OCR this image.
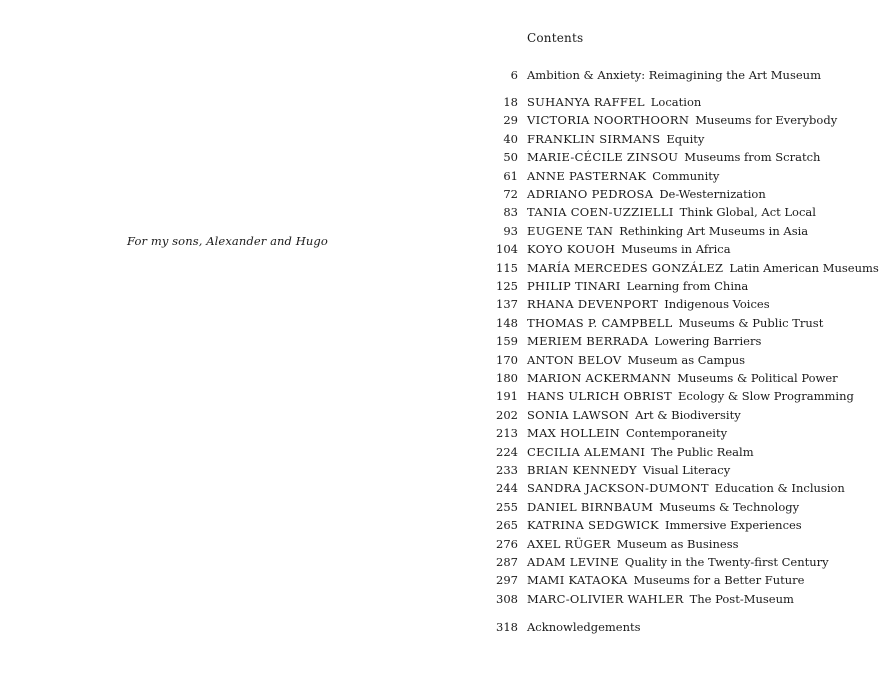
For my sons, Alexander and Hugo
Contents
6 Ambition & Anxiety: Reimagining the Art Museum
18 SUHANYA RAFFEL Location
29 VICTORIA NOORTHOORN Museums for Everybody
40 FRANKLIN SIRMANS Equity
50 MARIE-CÉCILE ZINSOU Museums from Scratch
61 ANNE PASTERNAK Community
72 ADRIANO PEDROSA De-Westernization
83 TANIA COEN-UZZIELLI Think Global, Act Local
93 EUGENE TAN Rethinking Art Museums in Asia
104 KOYO KOUOH Museums in Africa
115 MARÍA MERCEDES GONZÁLEZ Latin American Museums
125 PHILIP TINARI Learning from China
137 RHANA DEVENPORT Indigenous Voices
148 THOMAS P. CAMPBELL Museums & Public Trust
159 MERIEM BERRADA Lowering Barriers
170 ANTON BELOV Museum as Campus
180 MARION ACKERMANN Museums & Political Power
191 HANS ULRICH OBRIST Ecology & Slow Programming
202 SONIA LAWSON Art & Biodiversity
213 MAX HOLLEIN Contemporaneity
224 CECILIA ALEMANI The Public Realm
233 BRIAN KENNEDY Visual Literacy
244 SANDRA JACKSON-DUMONT Education & Inclusion
255 DANIEL BIRNBAUM Museums & Technology
265 KATRINA SEDGWICK Immersive Experiences
276 AXEL RÜGER Museum as Business
287 ADAM LEVINE Quality in the Twenty-first Century
297 MAMI KATAOKA Museums for a Better Future
308 MARC-OLIVIER WAHLER The Post-Museum
318 Acknowledgements
